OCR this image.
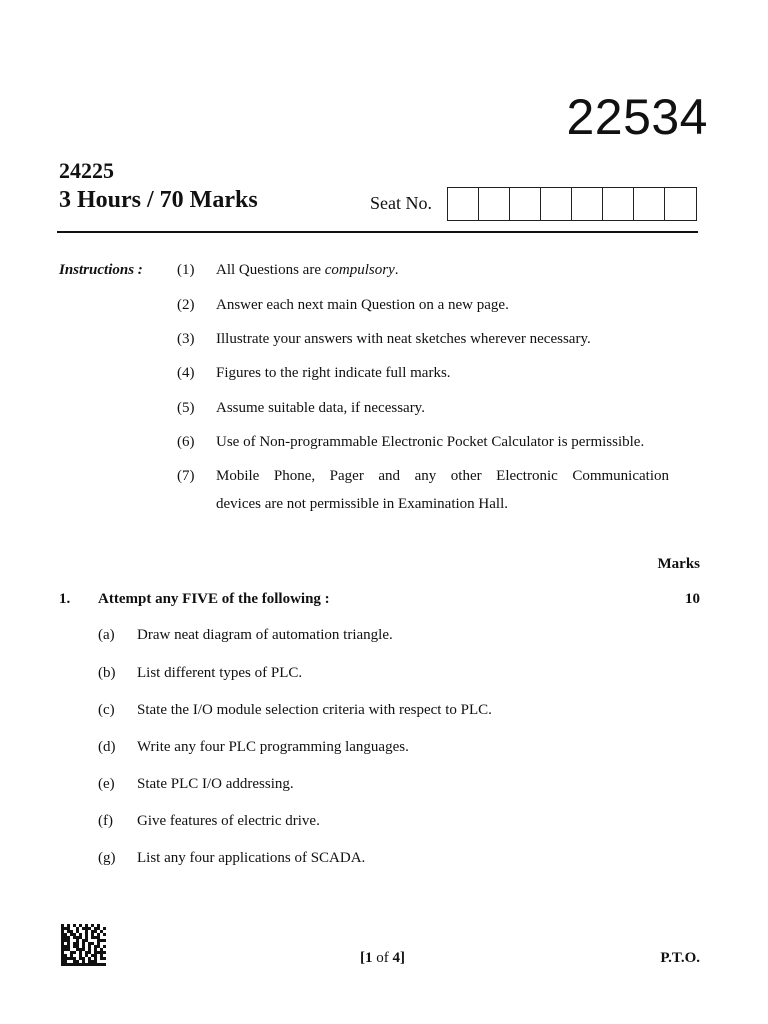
22534
24225
3 Hours / 70 Marks	Seat No.
Instructions : (1) All Questions are compulsory.
(2) Answer each next main Question on a new page.
(3) Illustrate your answers with neat sketches wherever necessary.
(4) Figures to the right indicate full marks.
(5) Assume suitable data, if necessary.
(6) Use of Non-programmable Electronic Pocket Calculator is permissible.
(7) Mobile Phone, Pager and any other Electronic Communication
devices are not permissible in Examination Hall.
Marks
1. Attempt any FIVE of the following :	10
(a) Draw neat diagram of automation triangle.
(b) List different types of PLC.
(c) State the I/O module selection criteria with respect to PLC.
(d) Write any four PLC programming languages.
(e) State PLC I/O addressing.
(f) Give features of electric drive.
(g) List any four applications of SCADA.
[1 of 4]	P.T.O.
